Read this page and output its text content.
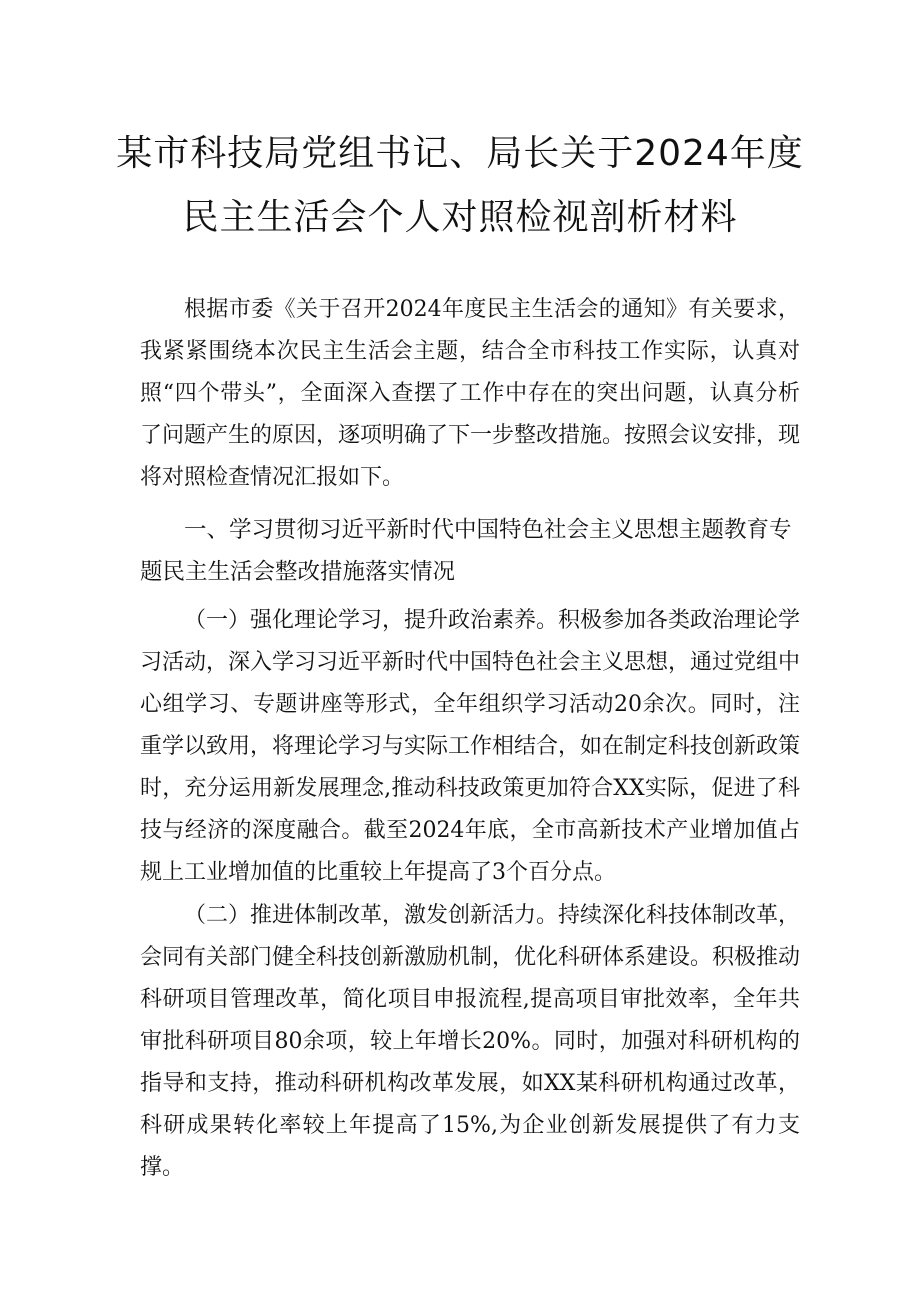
某市科技局党组书记、局长关于2024年度
民主生活会个人对照检视剖析材料

根据市委《关于召开2024年度民主生活会的通知》有关要求，我紧紧围绕本次民主生活会主题，结合全市科技工作实际，认真对照“四个带头”，全面深入查摆了工作中存在的突出问题，认真分析了问题产生的原因，逐项明确了下一步整改措施。按照会议安排，现将对照检查情况汇报如下。

一、学习贯彻习近平新时代中国特色社会主义思想主题教育专题民主生活会整改措施落实情况

（一）强化理论学习，提升政治素养。积极参加各类政治理论学习活动，深入学习习近平新时代中国特色社会主义思想，通过党组中心组学习、专题讲座等形式，全年组织学习活动20余次。同时，注重学以致用，将理论学习与实际工作相结合，如在制定科技创新政策时，充分运用新发展理念,推动科技政策更加符合XX实际，促进了科技与经济的深度融合。截至2024年底，全市高新技术产业增加值占规上工业增加值的比重较上年提高了3个百分点。

（二）推进体制改革，激发创新活力。持续深化科技体制改革，会同有关部门健全科技创新激励机制，优化科研体系建设。积极推动科研项目管理改革，简化项目申报流程,提高项目审批效率，全年共审批科研项目80余项，较上年增长20%。同时，加强对科研机构的指导和支持，推动科研机构改革发展，如XX某科研机构通过改革，科研成果转化率较上年提高了15%,为企业创新发展提供了有力支撑。
